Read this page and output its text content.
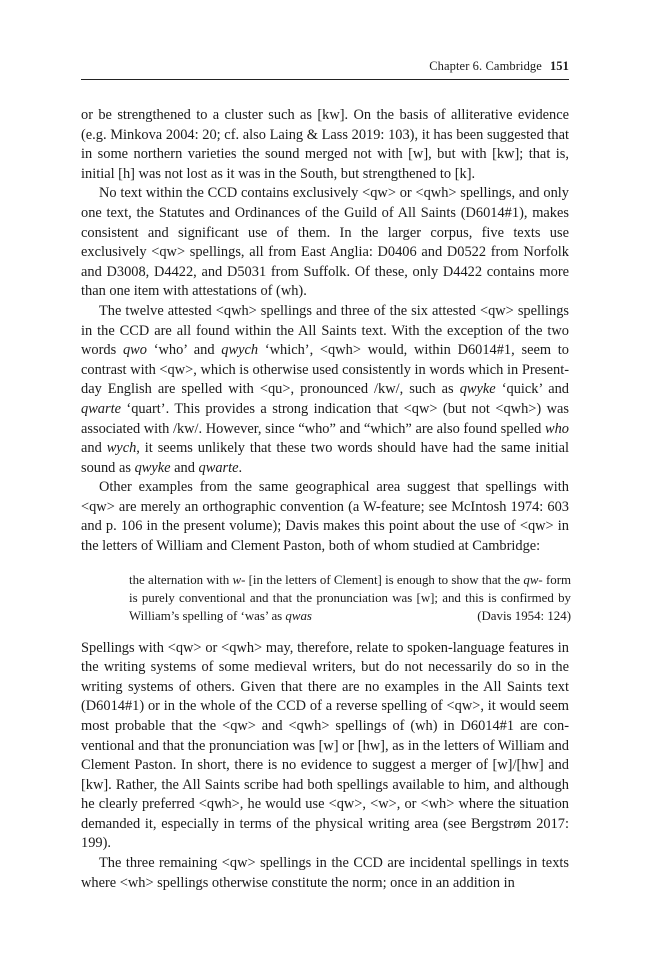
Chapter 6. Cambridge 151

or be strengthened to a cluster such as [kw]. On the basis of alliterative evidence (e.g. Minkova 2004: 20; cf. also Laing & Lass 2019: 103), it has been suggested that in some northern varieties the sound merged not with [w], but with [kw]; that is, initial [h] was not lost as it was in the South, but strengthened to [k].

No text within the CCD contains exclusively <qw> or <qwh> spellings, and only one text, the Statutes and Ordinances of the Guild of All Saints (D6014#1), makes consistent and significant use of them. In the larger corpus, five texts use exclusively <qw> spellings, all from East Anglia: D0406 and D0522 from Norfolk and D3008, D4422, and D5031 from Suffolk. Of these, only D4422 contains more than one item with attestations of (wh).

The twelve attested <qwh> spellings and three of the six attested <qw> spellings in the CCD are all found within the All Saints text. With the exception of the two words qwo ‘who’ and qwych ‘which’, <qwh> would, within D6014#1, seem to contrast with <qw>, which is otherwise used consistently in words which in Present-day English are spelled with <qu>, pronounced /kw/, such as qwyke ‘quick’ and qwarte ‘quart’. This provides a strong indication that <qw> (but not <qwh>) was associated with /kw/. However, since “who” and “which” are also found spelled who and wych, it seems unlikely that these two words should have had the same initial sound as qwyke and qwarte.

Other examples from the same geographical area suggest that spellings with <qw> are merely an orthographic convention (a W-feature; see McIntosh 1974: 603 and p. 106 in the present volume); Davis makes this point about the use of <qw> in the letters of William and Clement Paston, both of whom studied at Cambridge:

the alternation with w- [in the letters of Clement] is enough to show that the qw- form is purely conventional and that the pronunciation was [w]; and this is confirmed by William’s spelling of ‘was’ as qwas	(Davis 1954: 124)

Spellings with <qw> or <qwh> may, therefore, relate to spoken-language features in the writing systems of some medieval writers, but do not necessarily do so in the writing systems of others. Given that there are no examples in the All Saints text (D6014#1) or in the whole of the CCD of a reverse spelling of <qw>, it would seem most probable that the <qw> and <qwh> spellings of (wh) in D6014#1 are conventional and that the pronunciation was [w] or [hw], as in the letters of William and Clement Paston. In short, there is no evidence to suggest a merger of [w]/[hw] and [kw]. Rather, the All Saints scribe had both spellings available to him, and although he clearly preferred <qwh>, he would use <qw>, <w>, or <wh> where the situation demanded it, especially in terms of the physical writing area (see Bergstrøm 2017: 199).

The three remaining <qw> spellings in the CCD are incidental spellings in texts where <wh> spellings otherwise constitute the norm; once in an addition in
